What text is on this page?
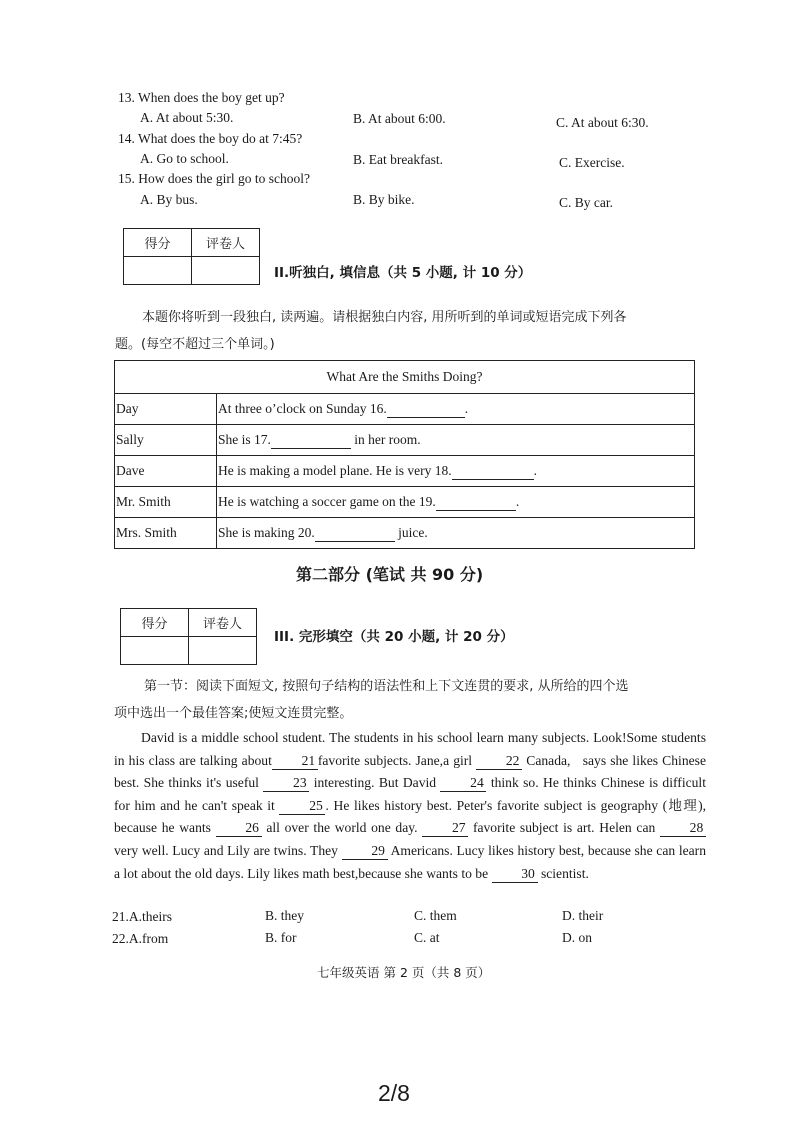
13. When does the boy get up?
A. At about 5:30.	B. At about 6:00.	C. At about 6:30.
14. What does the boy do at 7:45?
A. Go to school.	B. Eat breakfast.	C. Exercise.
15. How does the girl go to school?
A. By bus.	B. By bike.	C. By car.
得分	评卷人

II.听独白, 填信息（共 5 小题, 计 10 分）
本题你将听到一段独白, 读两遍。请根据独白内容, 用所听到的单词或短语完成下列各
题。(每空不超过三个单词。)
What Are the Smiths Doing?	
Day	At three o’clock on Sunday 16. .
Sally	She is 17. in her room.
Dave	He is making a model plane. He is very 18. .
Mr. Smith	He is watching a soccer game on the 19. .
Mrs. Smith	She is making 20. juice.
第二部分 (笔试 共 90 分)
得分	评卷人

III. 完形填空（共 20 小题, 计 20 分）
第一节：阅读下面短文, 按照句子结构的语法性和上下文连贯的要求, 从所给的四个选
项中选出一个最佳答案;使短文连贯完整。
David is a middle school student. The students in his school learn many subjects. Look!Some students in his class are talking about 21 favorite subjects. Jane,a girl 22 Canada,   says she likes Chinese best. She thinks it's useful	23 interesting. But David	24 think so. He thinks Chinese is difficult for him and he can't speak it	25 . He likes history best. Peter's favorite subject is geography (地理), because he wants	26 all over the world one day.	27 favorite subject is art. Helen can	28 very well. Lucy and Lily are twins. They 29 Americans. Lucy likes history best, because she can learn a lot about the old days. Lily likes math best,because she wants to be 30 scientist.
21.A.theirs	B. they	C. them	D. their
22.A.from	B. for	C. at	D. on
七年级英语 第 2 页（共 8 页）
2/8
